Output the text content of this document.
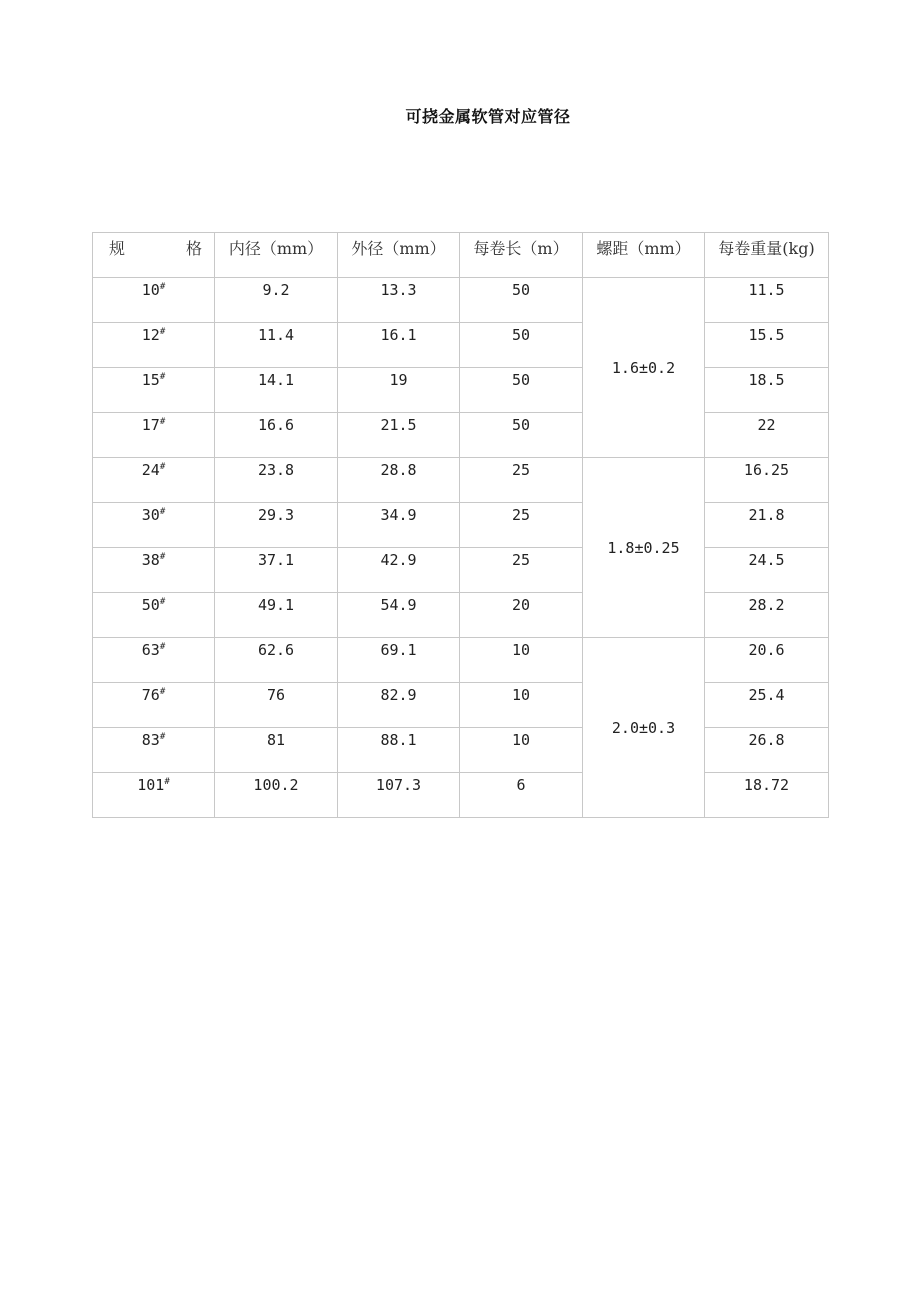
可挠金属软管对应管径
规 格	内径（mm）	外径（mm）	每卷长（m）	螺距（mm）	每卷重量(kg)
10#	9.2	13.3	50	1.6±0.2	11.5
12#	11.4	16.1	50		15.5
15#	14.1	19	50		18.5
17#	16.6	21.5	50		22
24#	23.8	28.8	25	1.8±0.25	16.25
30#	29.3	34.9	25		21.8
38#	37.1	42.9	25		24.5
50#	49.1	54.9	20		28.2
63#	62.6	69.1	10	2.0±0.3	20.6
76#	76	82.9	10		25.4
83#	81	88.1	10		26.8
101#	100.2	107.3	6		18.72
